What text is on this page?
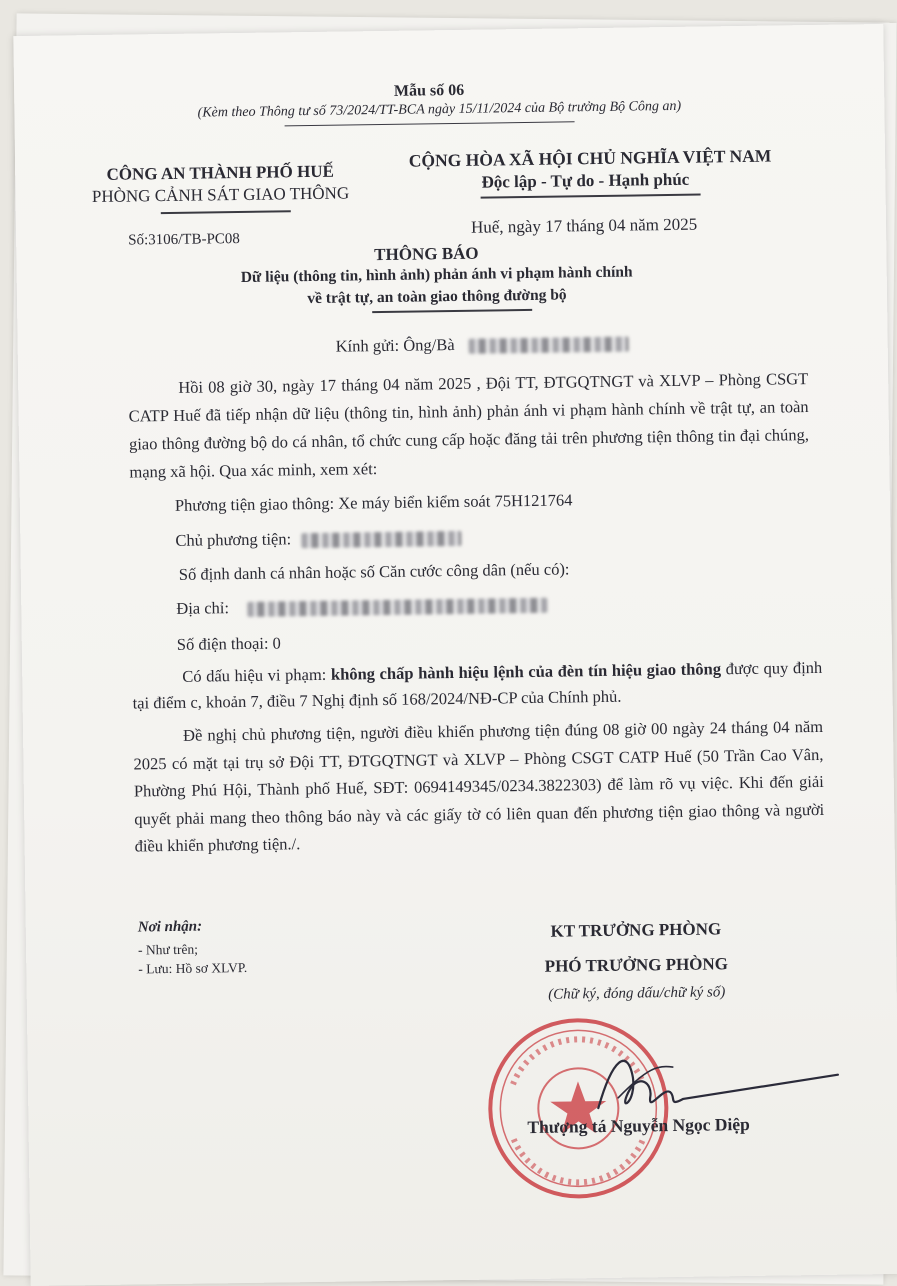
Mẫu số 06
(Kèm theo Thông tư số 73/2024/TT-BCA ngày 15/11/2024 của Bộ trưởng Bộ Công an)
CÔNG AN THÀNH PHỐ HUẾ
PHÒNG CẢNH SÁT GIAO THÔNG
Số:3106/TB-PC08
CỘNG HÒA XÃ HỘI CHỦ NGHĨA VIỆT NAM
Độc lập - Tự do - Hạnh phúc
Huế, ngày 17 tháng 04 năm 2025
THÔNG BÁO
Dữ liệu (thông tin, hình ảnh) phản ánh vi phạm hành chính
về trật tự, an toàn giao thông đường bộ
Kính gửi: Ông/Bà
Hồi 08 giờ 30, ngày 17 tháng 04 năm 2025 , Đội TT, ĐTGQTNGT và XLVP – Phòng CSGT CATP Huế đã tiếp nhận dữ liệu (thông tin, hình ảnh) phản ánh vi phạm hành chính về trật tự, an toàn giao thông đường bộ do cá nhân, tổ chức cung cấp hoặc đăng tải trên phương tiện thông tin đại chúng, mạng xã hội. Qua xác minh, xem xét:
Phương tiện giao thông: Xe máy biển kiểm soát 75H121764
Chủ phương tiện:
Số định danh cá nhân hoặc số Căn cước công dân (nếu có):
Địa chỉ:
Số điện thoại: 0
Có dấu hiệu vi phạm: không chấp hành hiệu lệnh của đèn tín hiệu giao thông được quy định tại điểm c, khoản 7, điều 7 Nghị định số 168/2024/NĐ-CP của Chính phủ.
Đề nghị chủ phương tiện, người điều khiển phương tiện đúng 08 giờ 00 ngày 24 tháng 04 năm 2025 có mặt tại trụ sở Đội TT, ĐTGQTNGT và XLVP – Phòng CSGT CATP Huế (50 Trần Cao Vân, Phường Phú Hội, Thành phố Huế, SĐT: 0694149345/0234.3822303) để làm rõ vụ việc. Khi đến giải quyết phải mang theo thông báo này và các giấy tờ có liên quan đến phương tiện giao thông và người điều khiển phương tiện./.
Nơi nhận:
- Như trên;
- Lưu: Hồ sơ XLVP.
KT TRƯỞNG PHÒNG
PHÓ TRƯỞNG PHÒNG
(Chữ ký, đóng dấu/chữ ký số)
Thượng tá Nguyễn Ngọc Diệp
